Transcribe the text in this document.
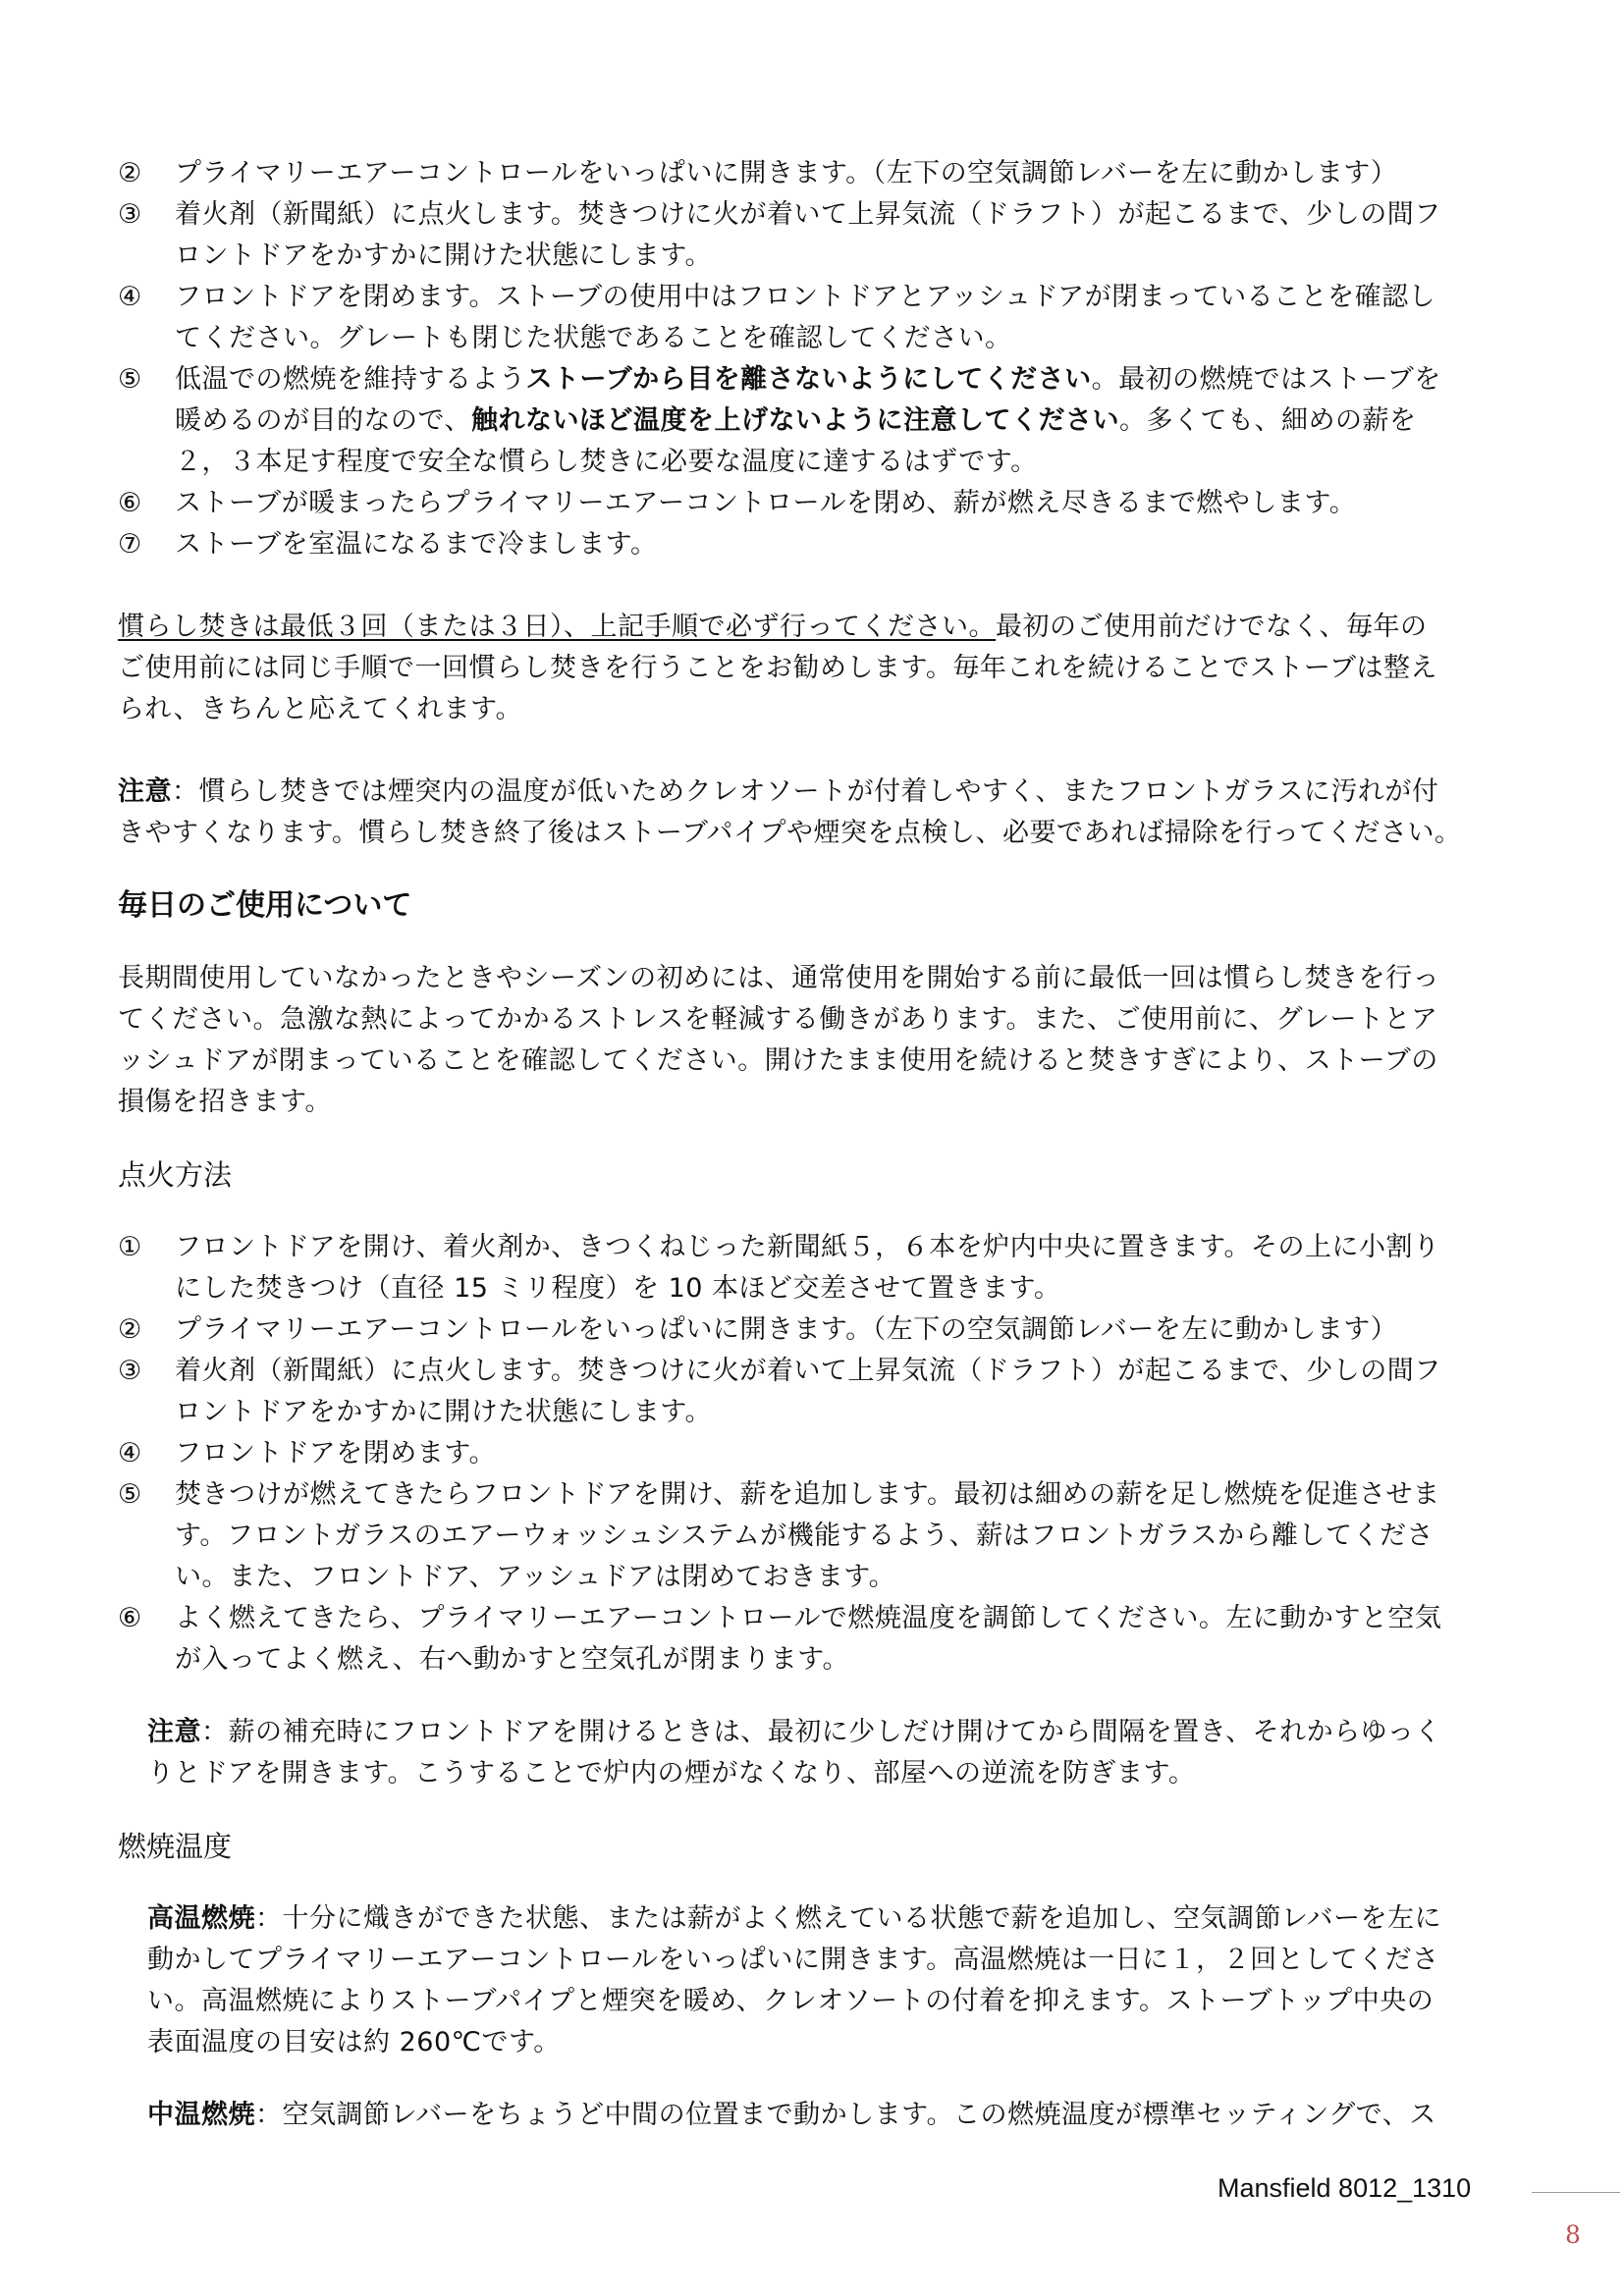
②	プライマリーエアーコントロールをいっぱいに開きます。（左下の空気調節レバーを左に動かします）
③	着火剤（新聞紙）に点火します。焚きつけに火が着いて上昇気流（ドラフト）が起こるまで、少しの間フ
ロントドアをかすかに開けた状態にします。
④	フロントドアを閉めます。ストーブの使用中はフロントドアとアッシュドアが閉まっていることを確認し
てください。グレートも閉じた状態であることを確認してください。
⑤	低温での燃焼を維持するようストーブから目を離さないようにしてください。最初の燃焼ではストーブを
暖めるのが目的なので、触れないほど温度を上げないように注意してください。多くても、細めの薪を
２，３本足す程度で安全な慣らし焚きに必要な温度に達するはずです。
⑥	ストーブが暖まったらプライマリーエアーコントロールを閉め、薪が燃え尽きるまで燃やします。
⑦	ストーブを室温になるまで冷まします。

慣らし焚きは最低３回（または３日）、上記手順で必ず行ってください。最初のご使用前だけでなく、毎年の

ご使用前には同じ手順で一回慣らし焚きを行うことをお勧めします。毎年これを続けることでストーブは整え

られ、きちんと応えてくれます。

注意：慣らし焚きでは煙突内の温度が低いためクレオソートが付着しやすく、またフロントガラスに汚れが付

きやすくなります。慣らし焚き終了後はストーブパイプや煙突を点検し、必要であれば掃除を行ってください。

毎日のご使用について

長期間使用していなかったときやシーズンの初めには、通常使用を開始する前に最低一回は慣らし焚きを行っ

てください。急激な熱によってかかるストレスを軽減する働きがあります。また、ご使用前に、グレートとア

ッシュドアが閉まっていることを確認してください。開けたまま使用を続けると焚きすぎにより、ストーブの

損傷を招きます。

点火方法

①	フロントドアを開け、着火剤か、きつくねじった新聞紙５，６本を炉内中央に置きます。その上に小割り
にした焚きつけ（直径 15 ミリ程度）を 10 本ほど交差させて置きます。
②	プライマリーエアーコントロールをいっぱいに開きます。（左下の空気調節レバーを左に動かします）
③	着火剤（新聞紙）に点火します。焚きつけに火が着いて上昇気流（ドラフト）が起こるまで、少しの間フ
ロントドアをかすかに開けた状態にします。
④	フロントドアを閉めます。
⑤	焚きつけが燃えてきたらフロントドアを開け、薪を追加します。最初は細めの薪を足し燃焼を促進させま
す。フロントガラスのエアーウォッシュシステムが機能するよう、薪はフロントガラスから離してくださ
い。また、フロントドア、アッシュドアは閉めておきます。
⑥	よく燃えてきたら、プライマリーエアーコントロールで燃焼温度を調節してください。左に動かすと空気
が入ってよく燃え、右へ動かすと空気孔が閉まります。

注意：薪の補充時にフロントドアを開けるときは、最初に少しだけ開けてから間隔を置き、それからゆっく

りとドアを開きます。こうすることで炉内の煙がなくなり、部屋への逆流を防ぎます。

燃焼温度

高温燃焼：十分に熾きができた状態、または薪がよく燃えている状態で薪を追加し、空気調節レバーを左に

動かしてプライマリーエアーコントロールをいっぱいに開きます。高温燃焼は一日に１，２回としてくださ

い。高温燃焼によりストーブパイプと煙突を暖め、クレオソートの付着を抑えます。ストーブトップ中央の

表面温度の目安は約 260℃です。

中温燃焼：空気調節レバーをちょうど中間の位置まで動かします。この燃焼温度が標準セッティングで、ス

Mansfield 8012_1310
8
